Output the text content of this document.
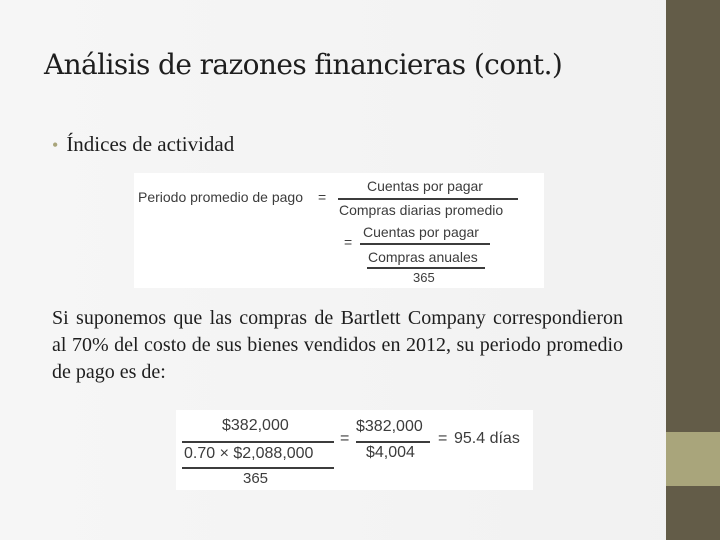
Análisis de razones financieras (cont.)
• Índices de actividad
Periodo promedio de pago =
Cuentas por pagar
Compras diarias promedio
=
Cuentas por pagar
Compras anuales
365

Si suponemos que las compras de Bartlett Company correspondieron al 70% del costo de sus bienes vendidos en 2012, su periodo promedio de pago es de:

$382,000
0.70 × $2,088,000
365
=
$382,000
$4,004
= 95.4 días
